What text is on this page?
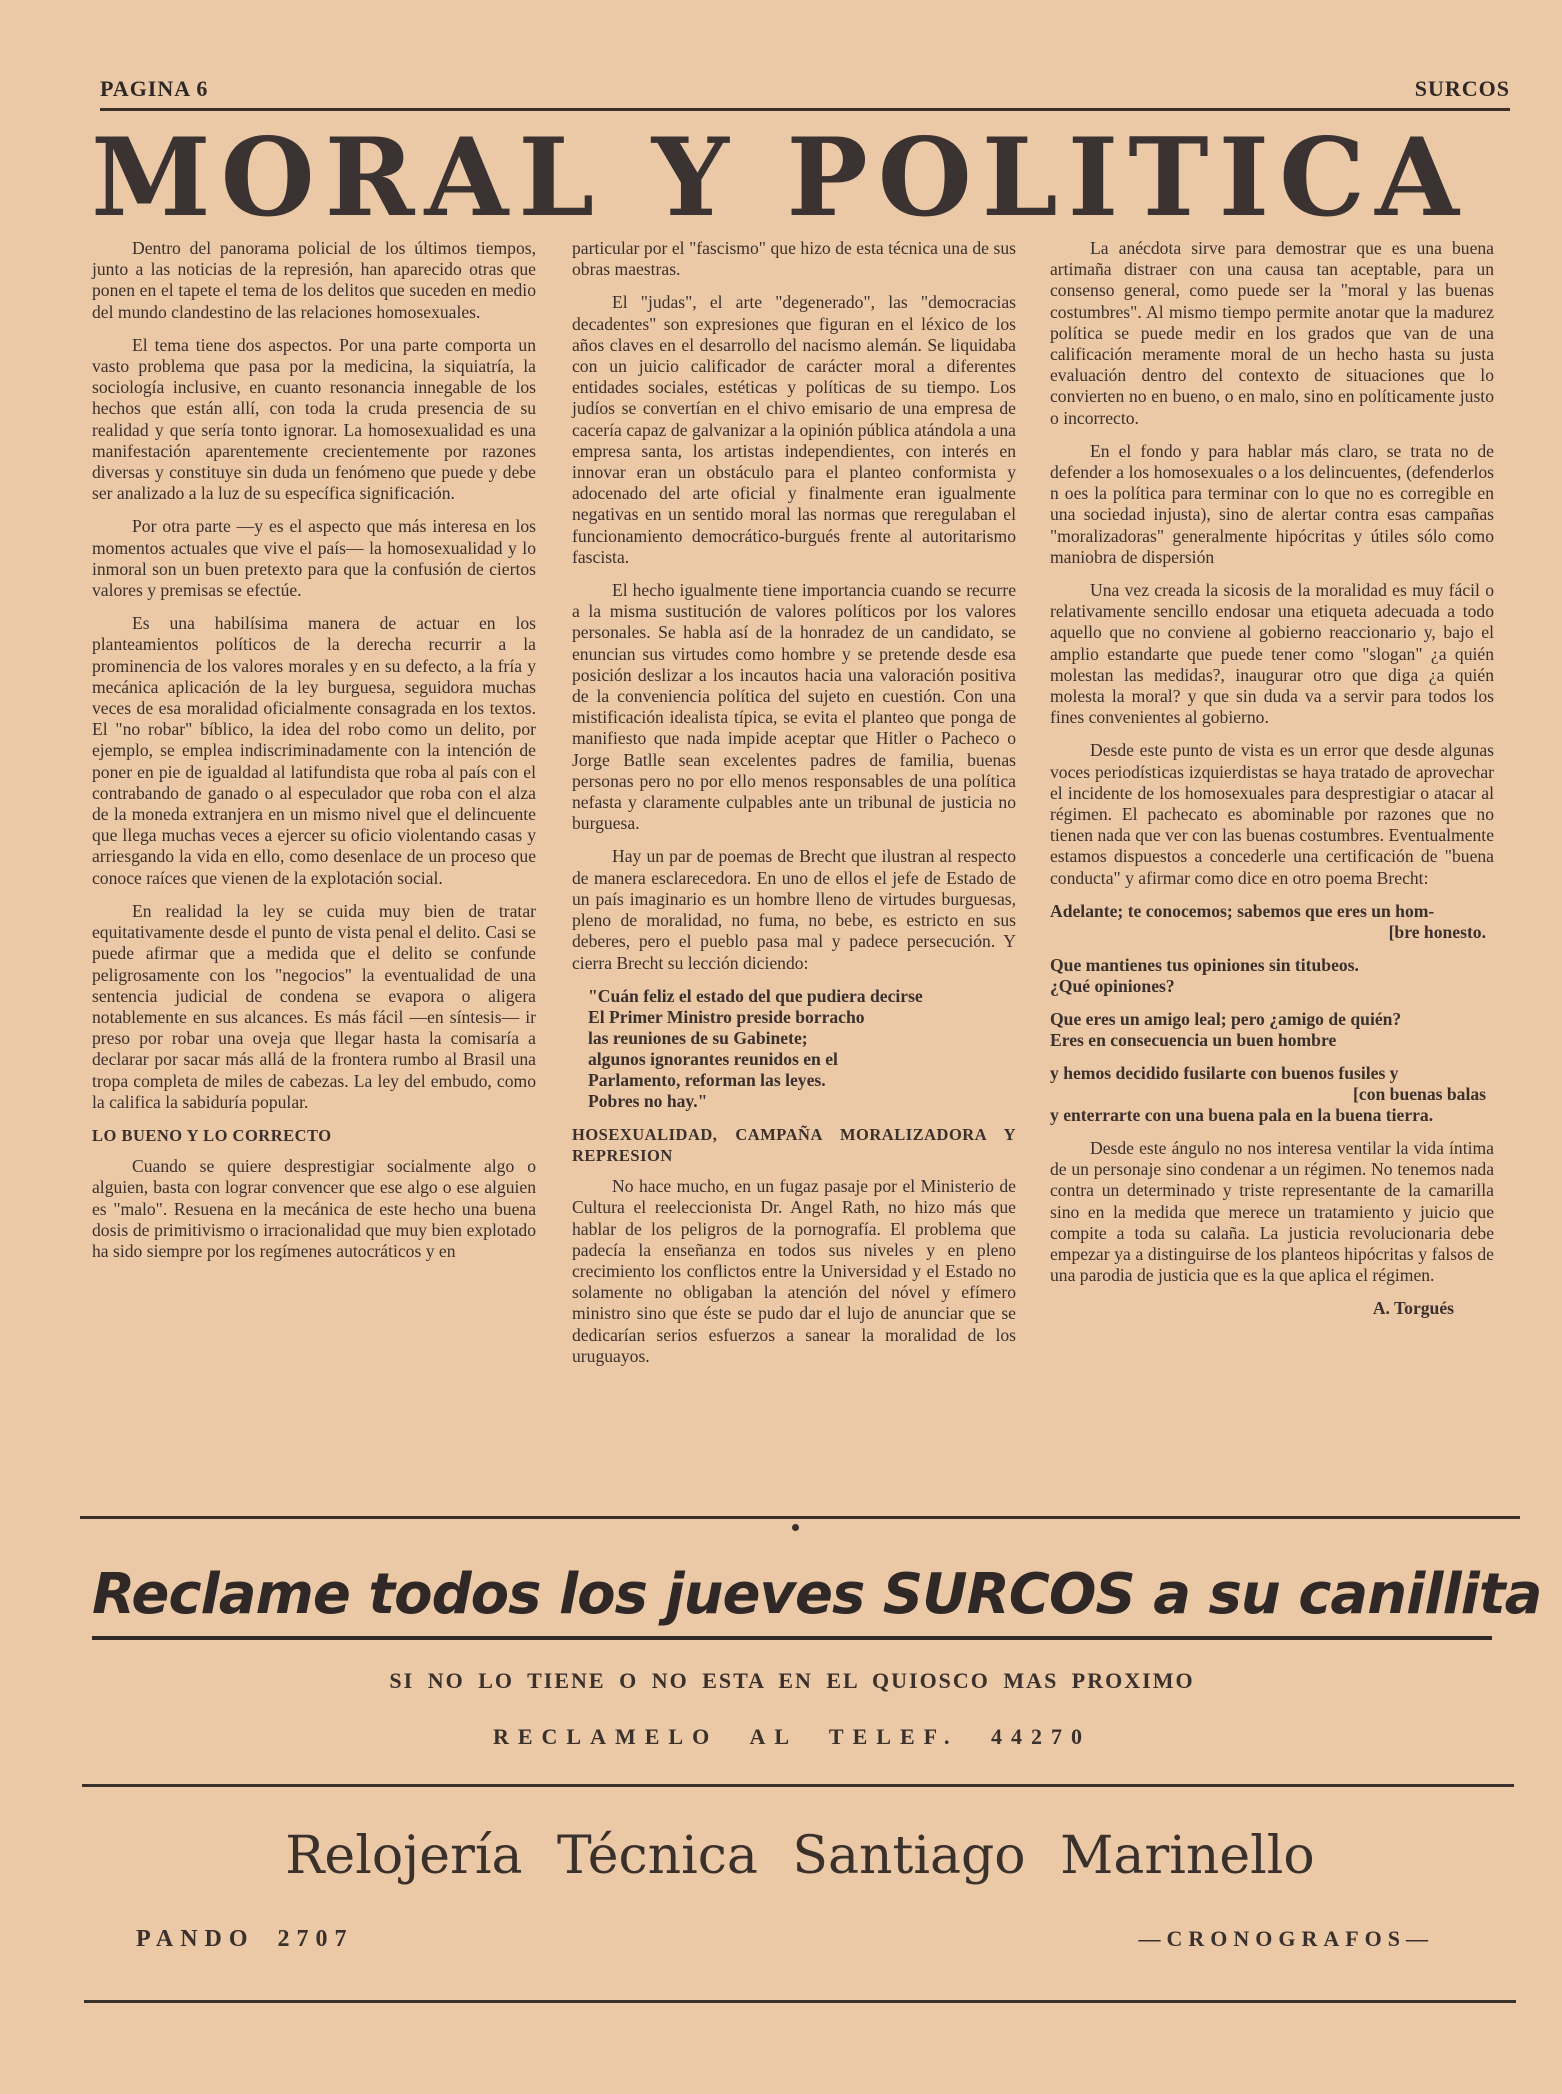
PAGINA 6	SURCOS
MORAL Y POLITICA

Dentro del panorama policial de los últimos tiempos, junto a las noticias de la represión, han aparecido otras que ponen en el tapete el tema de los delitos que suceden en medio del mundo clandestino de las relaciones homosexuales.

El tema tiene dos aspectos. Por una parte comporta un vasto problema que pasa por la medicina, la siquiatría, la sociología inclusive, en cuanto resonancia innegable de los hechos que están allí, con toda la cruda presencia de su realidad y que sería tonto ignorar. La homosexualidad es una manifestación aparentemente crecientemente por razones diversas y constituye sin duda un fenómeno que puede y debe ser analizado a la luz de su específica significación.

Por otra parte —y es el aspecto que más interesa en los momentos actuales que vive el país— la homosexualidad y lo inmoral son un buen pretexto para que la confusión de ciertos valores y premisas se efectúe.

Es una habilísima manera de actuar en los planteamientos políticos de la derecha recurrir a la prominencia de los valores morales y en su defecto, a la fría y mecánica aplicación de la ley burguesa, seguidora muchas veces de esa moralidad oficialmente consagrada en los textos. El "no robar" bíblico, la idea del robo como un delito, por ejemplo, se emplea indiscriminadamente con la intención de poner en pie de igualdad al latifundista que roba al país con el contrabando de ganado o al especulador que roba con el alza de la moneda extranjera en un mismo nivel que el delincuente que llega muchas veces a ejercer su oficio violentando casas y arriesgando la vida en ello, como desenlace de un proceso que conoce raíces que vienen de la explotación social.

En realidad la ley se cuida muy bien de tratar equitativamente desde el punto de vista penal el delito. Casi se puede afirmar que a medida que el delito se confunde peligrosamente con los "negocios" la eventualidad de una sentencia judicial de condena se evapora o aligera notablemente en sus alcances. Es más fácil —en síntesis— ir preso por robar una oveja que llegar hasta la comisaría a declarar por sacar más allá de la frontera rumbo al Brasil una tropa completa de miles de cabezas. La ley del embudo, como la califica la sabiduría popular.

LO BUENO Y LO CORRECTO

Cuando se quiere desprestigiar socialmente algo o alguien, basta con lograr convencer que ese algo o ese alguien es "malo". Resuena en la mecánica de este hecho una buena dosis de primitivismo o irracionalidad que muy bien explotado ha sido siempre por los regímenes autocráticos y en

particular por el "fascismo" que hizo de esta técnica una de sus obras maestras.

El "judas", el arte "degenerado", las "democracias decadentes" son expresiones que figuran en el léxico de los años claves en el desarrollo del nacismo alemán. Se liquidaba con un juicio calificador de carácter moral a diferentes entidades sociales, estéticas y políticas de su tiempo. Los judíos se convertían en el chivo emisario de una empresa de cacería capaz de galvanizar a la opinión pública atándola a una empresa santa, los artistas independientes, con interés en innovar eran un obstáculo para el planteo conformista y adocenado del arte oficial y finalmente eran igualmente negativas en un sentido moral las normas que reregulaban el funcionamiento democrático-burgués frente al autoritarismo fascista.

El hecho igualmente tiene importancia cuando se recurre a la misma sustitución de valores políticos por los valores personales. Se habla así de la honradez de un candidato, se enuncian sus virtudes como hombre y se pretende desde esa posición deslizar a los incautos hacia una valoración positiva de la conveniencia política del sujeto en cuestión. Con una mistificación idealista típica, se evita el planteo que ponga de manifiesto que nada impide aceptar que Hitler o Pacheco o Jorge Batlle sean excelentes padres de familia, buenas personas pero no por ello menos responsables de una política nefasta y claramente culpables ante un tribunal de justicia no burguesa.

Hay un par de poemas de Brecht que ilustran al respecto de manera esclarecedora. En uno de ellos el jefe de Estado de un país imaginario es un hombre lleno de virtudes burguesas, pleno de moralidad, no fuma, no bebe, es estricto en sus deberes, pero el pueblo pasa mal y padece persecución. Y cierra Brecht su lección diciendo:

"Cuán feliz el estado del que pudiera decirse
El Primer Ministro preside borracho
las reuniones de su Gabinete;
algunos ignorantes reunidos en el
Parlamento, reforman las leyes.
Pobres no hay."
HOSEXUALIDAD, CAMPAÑA MORALIZADORA Y REPRESION

No hace mucho, en un fugaz pasaje por el Ministerio de Cultura el reeleccionista Dr. Angel Rath, no hizo más que hablar de los peligros de la pornografía. El problema que padecía la enseñanza en todos sus niveles y en pleno crecimiento los conflictos entre la Universidad y el Estado no solamente no obligaban la atención del nóvel y efímero ministro sino que éste se pudo dar el lujo de anunciar que se dedicarían serios esfuerzos a sanear la moralidad de los uruguayos.

La anécdota sirve para demostrar que es una buena artimaña distraer con una causa tan aceptable, para un consenso general, como puede ser la "moral y las buenas costumbres". Al mismo tiempo permite anotar que la madurez política se puede medir en los grados que van de una calificación meramente moral de un hecho hasta su justa evaluación dentro del contexto de situaciones que lo convierten no en bueno, o en malo, sino en políticamente justo o incorrecto.

En el fondo y para hablar más claro, se trata no de defender a los homosexuales o a los delincuentes, (defenderlos n oes la política para terminar con lo que no es corregible en una sociedad injusta), sino de alertar contra esas campañas "moralizadoras" generalmente hipócritas y útiles sólo como maniobra de dispersión

Una vez creada la sicosis de la moralidad es muy fácil o relativamente sencillo endosar una etiqueta adecuada a todo aquello que no conviene al gobierno reaccionario y, bajo el amplio estandarte que puede tener como "slogan" ¿a quién molestan las medidas?, inaugurar otro que diga ¿a quién molesta la moral? y que sin duda va a servir para todos los fines convenientes al gobierno.

Desde este punto de vista es un error que desde algunas voces periodísticas izquierdistas se haya tratado de aprovechar el incidente de los homosexuales para desprestigiar o atacar al régimen. El pachecato es abominable por razones que no tienen nada que ver con las buenas costumbres. Eventualmente estamos dispuestos a concederle una certificación de "buena conducta" y afirmar como dice en otro poema Brecht:

Adelante; te conocemos; sabemos que eres un hom-
[bre honesto.
Que mantienes tus opiniones sin titubeos.
¿Qué opiniones?
Que eres un amigo leal; pero ¿amigo de quién?
Eres en consecuencia un buen hombre
y hemos decidido fusilarte con buenos fusiles y
[con buenas balas
y enterrarte con una buena pala en la buena tierra.

Desde este ángulo no nos interesa ventilar la vida íntima de un personaje sino condenar a un régimen. No tenemos nada contra un determinado y triste representante de la camarilla sino en la medida que merece un tratamiento y juicio que compite a toda su calaña. La justicia revolucionaria debe empezar ya a distinguirse de los planteos hipócritas y falsos de una parodia de justicia que es la que aplica el régimen.

A. Torgués
Reclame todos los jueves SURCOS a su canillita
SI NO LO TIENE O NO ESTA EN EL QUIOSCO MAS PROXIMO
RECLAMELO AL TELEF. 44270
Relojería Técnica Santiago Marinello
PANDO 2707	—CRONOGRAFOS—
